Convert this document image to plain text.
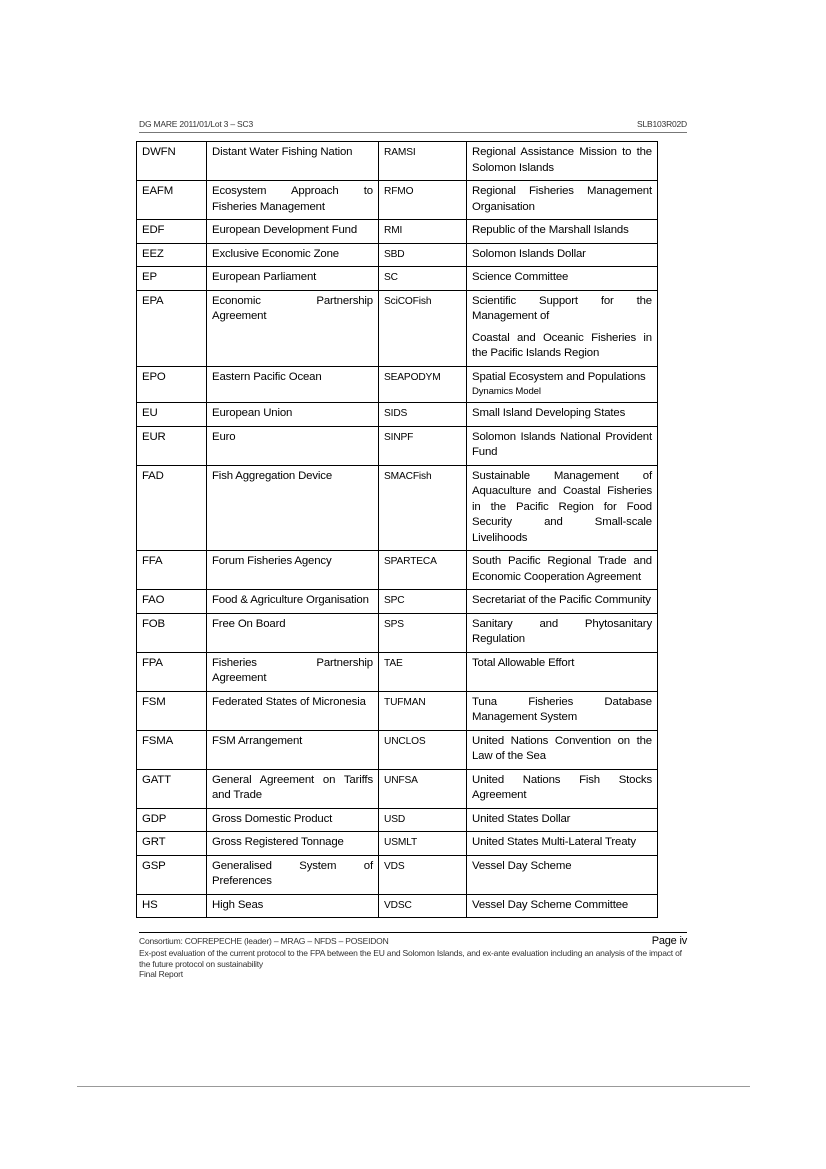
DG MARE 2011/01/Lot 3 – SC3	SLB103R02D

DWFN	Distant Water Fishing Nation	RAMSI	Regional Assistance Mission to the Solomon Islands
EAFM	Ecosystem Approach to Fisheries Management	RFMO	Regional Fisheries Management Organisation
EDF	European Development Fund	RMI	Republic of the Marshall Islands
EEZ	Exclusive Economic Zone	SBD	Solomon Islands Dollar
EP	European Parliament	SC	Science Committee
EPA	Economic Partnership Agreement	SciCOFish	Scientific Support for the Management of
Coastal and Oceanic Fisheries in the Pacific Islands Region

EPO	Eastern Pacific Ocean	SEAPODYM	Spatial Ecosystem and Populations
Dynamics Model

EU	European Union	SIDS	Small Island Developing States
EUR	Euro	SINPF	Solomon Islands National Provident Fund
FAD	Fish Aggregation Device	SMACFish	Sustainable Management of Aquaculture and Coastal Fisheries in the Pacific Region for Food Security and Small-scale Livelihoods
FFA	Forum Fisheries Agency	SPARTECA	South Pacific Regional Trade and Economic Cooperation Agreement
FAO	Food & Agriculture Organisation	SPC	Secretariat of the Pacific Community
FOB	Free On Board	SPS	Sanitary and Phytosanitary Regulation
FPA	Fisheries Partnership Agreement	TAE	Total Allowable Effort
FSM	Federated States of Micronesia	TUFMAN	Tuna Fisheries Database Management System
FSMA	FSM Arrangement	UNCLOS	United Nations Convention on the Law of the Sea
GATT	General Agreement on Tariffs and Trade	UNFSA	United Nations Fish Stocks Agreement
GDP	Gross Domestic Product	USD	United States Dollar
GRT	Gross Registered Tonnage	USMLT	United States Multi-Lateral Treaty
GSP	Generalised System of Preferences	VDS	Vessel Day Scheme
HS	High Seas	VDSC	Vessel Day Scheme Committee
Consortium: COFREPECHE (leader) – MRAG – NFDS – POSEIDON	Page iv
Ex-post evaluation of the current protocol to the FPA between the EU and Solomon Islands, and ex-ante evaluation including an analysis of the impact of the future protocol on sustainability
Final Report
